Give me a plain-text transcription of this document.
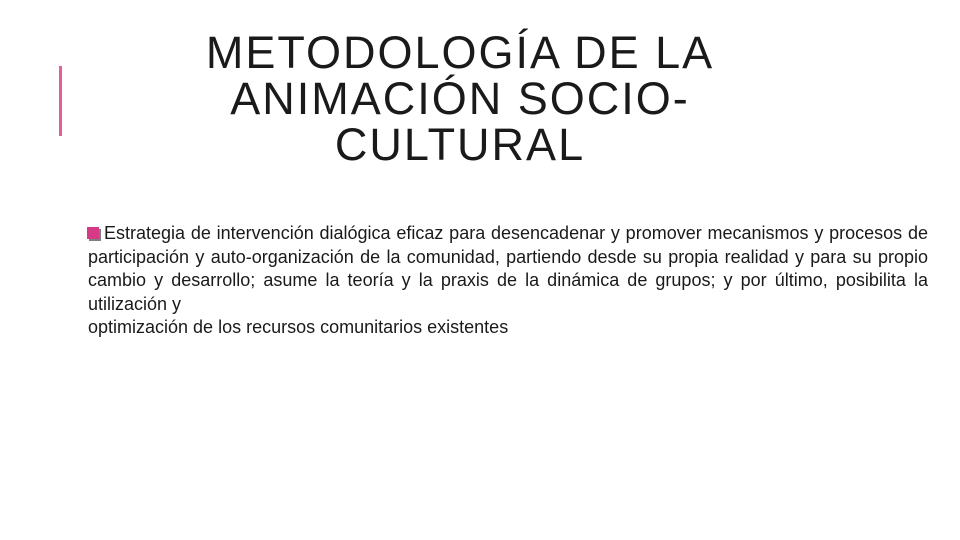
METODOLOGÍA DE LA
ANIMACIÓN SOCIO-
CULTURAL

Estrategia de intervención dialógica eficaz para desencadenar y promover mecanismos y procesos de participación y auto-organización de la comunidad, partiendo desde su propia realidad y para su propio cambio y desarrollo; asume la teoría y la praxis de la dinámica de grupos; y por último, posibilita la utilización y

optimización de los recursos comunitarios existentes
